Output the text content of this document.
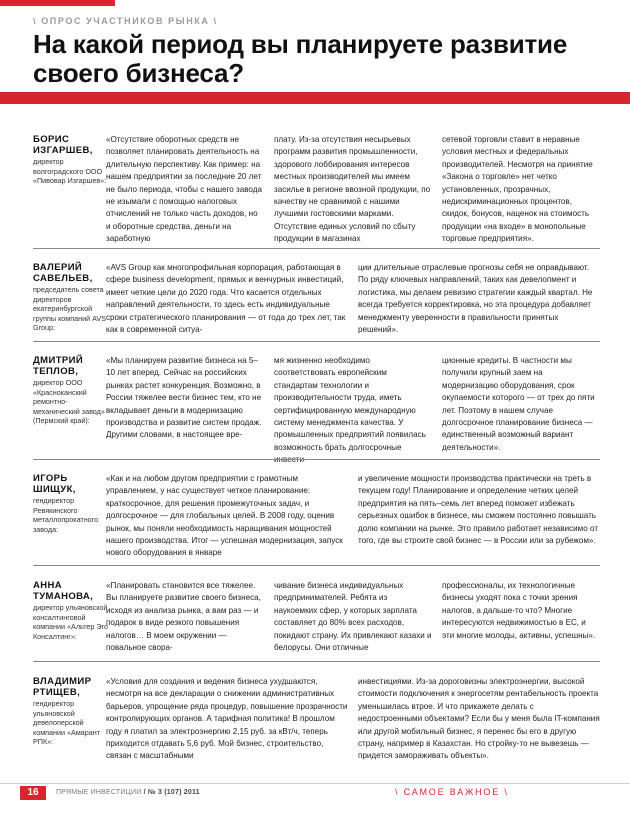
\ ОПРОС УЧАСТНИКОВ РЫНКА \
На какой период вы планируете развитие своего бизнеса?
БОРИС ИЗГАРШЕВ,
директор волгоградского ООО «Пивовар Изгаршев»:

«Отсутствие оборотных средств не позволяет планировать деятельность на длительную перспективу. Как пример: на нашем предприятии за последние 20 лет не было периода, чтобы с нашего завода не изымали с помощью налоговых отчислений не только часть доходов, но и оборотные средства, деньги на заработную

плату. Из-за отсутствия несырьевых программ развития промышленности, здорового лоббирования интересов местных производителей мы имеем засилье в регионе ввозной продукции, по качеству не сравнимой с нашими лучшими гостовскими марками. Отсутствие единых условий по сбыту продукции в магазинах

сетевой торговли ставит в неравные условия местных и федеральных производителей. Несмотря на принятие «Закона о торговле» нет четко установленных, прозрачных, недискриминационных процентов, скидок, бонусов, наценок на стоимость продукции «на входе» в монопольные торговые предприятия».

ВАЛЕРИЙ САВЕЛЬЕВ,
председатель совета директоров екатеринбургской группы компаний AVS Group:

«AVS Group как многопрофильная корпорация, работающая в сфере business development, прямых и венчурных инвестиций, имеет четкие цели до 2020 года. Что касается отдельных направлений деятельности, то здесь есть индивидуальные сроки стратегического планирования — от года до трех лет, так как в современной ситуа-

ции длительные отраслевые прогнозы себя не оправдывают. По ряду ключевых направлений, таких как девелопмент и логистика, мы делаем ревизию стратегии каждый квартал. Не всегда требуется корректировка, но эта процедура добавляет менеджменту уверенности в правильности принятых решений».

ДМИТРИЙ ТЕПЛОВ,
директор ООО «Красноканский ремонтно-механический завод» (Пермский край):

«Мы планируем развитие бизнеса на 5–10 лет вперед. Сейчас на российских рынках растет конкуренция. Возможно, в России тяжелее вести бизнес тем, кто не вкладывает деньги в модернизацию производства и развитие систем продаж. Другими словами, в настоящее вре-

мя жизненно необходимо соответствовать европейским стандартам технологии и производительности труда, иметь сертифицированную международную систему менеджмента качества. У промышленных предприятий появилась возможность брать долгосрочные

ционные кредиты. В частности мы получили крупный заем на модернизацию оборудования, срок окупаемости которого — от трех до пяти лет. Поэтому в нашем случае долгосрочное планирование бизнеса — единственный возможный вариант деятельности».

ИГОРЬ ШИЩУК,
гендиректор Ревякинского металлопрокатного завода:

«Как и на любом другом предприятии с грамотным управлением, у нас существует четкое планирование: краткосрочное, для решения промежуточных задач, и долгосрочное — для глобальных целей. В 2008 году, оценив рынок, мы поняли необходимость наращивания мощностей нашего производства. Итог — успешная модернизация, запуск нового оборудования в январе

и увеличение мощности производства практически на треть в текущем году! Планирование и определение четких целей предприятия на пять–семь лет вперед поможет избежать серьезных ошибок в бизнесе, мы сможем постоянно повышать долю компании на рынке. Это правило работает независимо от того, где вы строите свой бизнес — в России или за рубежом».

АННА ТУМАНОВА,
директор ульяновской консалтинговой компании «Альтер Эго Консалтинг»:

«Планировать становится все тяжелее. Вы планируете развитие своего бизнеса, исходя из анализа рынка, а вам раз — и подарок в виде резкого повышения налогов… В моем окружении — повальное свора-

чивание бизнеса индивидуальных предпринимателей. Ребята из наукоемких сфер, у которых зарплата составляет до 80% всех расходов, покидают страну. Их привлекают казахи и белорусы. Они отличные

профессионалы, их технологичные бизнесы уходят пока с точки зрения налогов, а дальше-то что? Многие интересуются недвижимостью в ЕС, и эти многие молоды, активны, успешны».

ВЛАДИМИР РТИЩЕВ,
гендиректор ульяновской девелоперской компании «Амарант РПК»:

«Условия для создания и ведения бизнеса ухудшаются, несмотря на все декларации о снижении административных барьеров, упрощение ряда процедур, повышение прозрачности контролирующих органов. А тарифная политика! В прошлом году я платил за электроэнергию 2,15 руб. за кВт/ч, теперь приходится отдавать 5,6 руб. Мой бизнес, строительство, связан с масштабными

инвестициями. Из-за дороговизны электроэнергии, высокой стоимости подключения к энергосетям рентабельность проекта уменьшилась втрое. И что прикажете делать с недостроенными объектами? Если бы у меня была IT-компания или другой мобильный бизнес, я перенес бы его в другую страну, например в Казахстан. Но стройку-то не вывезешь — придется замораживать объекты».

16	ПРЯМЫЕ ИНВЕСТИЦИИ / № 3 (107) 2011	\ САМОЕ ВАЖНОЕ \
